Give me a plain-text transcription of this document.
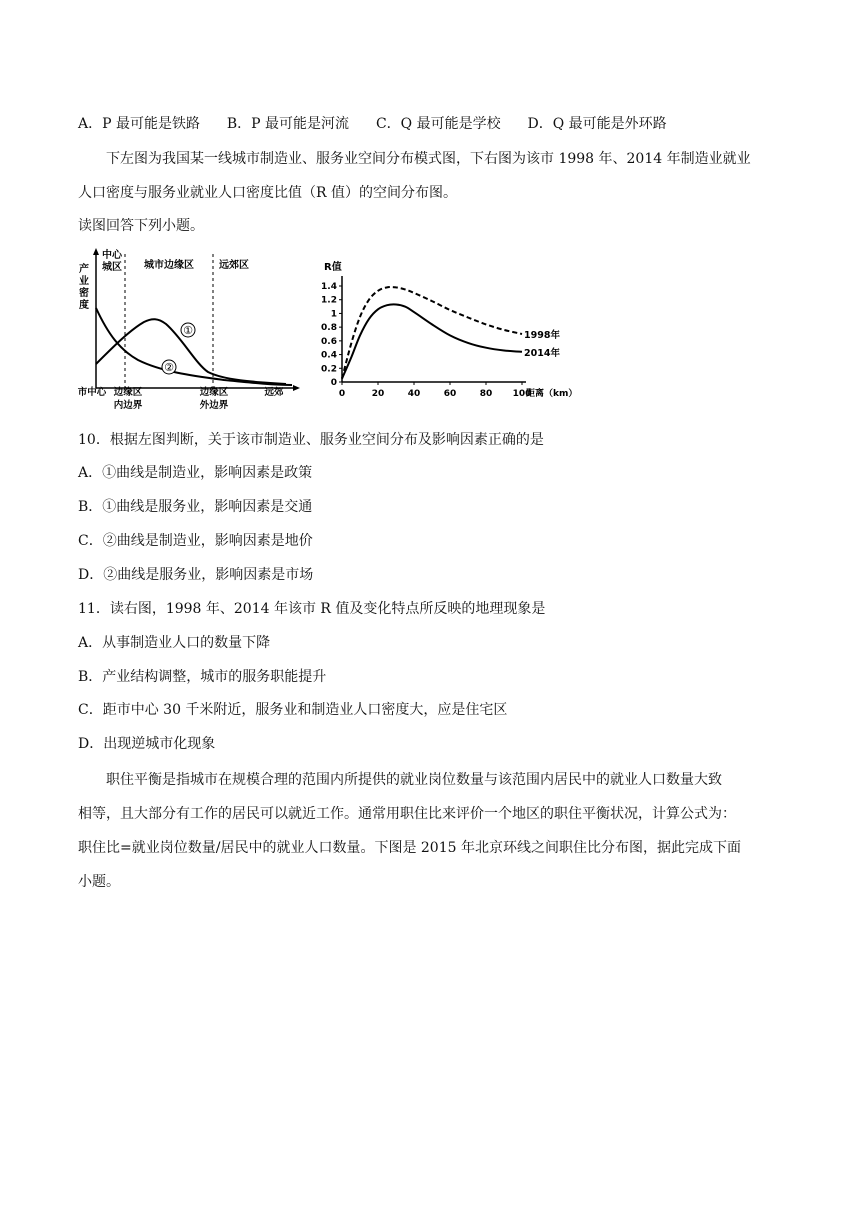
A．P 最可能是铁路 B．P 最可能是河流 C．Q 最可能是学校 D．Q 最可能是外环路
下左图为我国某一线城市制造业、服务业空间分布模式图，下右图为该市 1998 年、2014 年制造业就业
人口密度与服务业就业人口密度比值（R 值）的空间分布图。
读图回答下列小题。
产
业
密
度
中心
城区 城市边缘区	远郊区
①
②
市中心 边缘区
内边界
边缘区
外边界
远郊
0
0.2
0.4
0.6
0.8
1
1.2
1.4
0	20	40	60	80 100
R值
距离（km）
1998年
2014年
10．根据左图判断，关于该市制造业、服务业空间分布及影响因素正确的是
A．①曲线是制造业，影响因素是政策
B．①曲线是服务业，影响因素是交通
C．②曲线是制造业，影响因素是地价
D．②曲线是服务业，影响因素是市场
11．读右图，1998 年、2014 年该市 R 值及变化特点所反映的地理现象是
A．从事制造业人口的数量下降
B．产业结构调整，城市的服务职能提升
C．距市中心 30 千米附近，服务业和制造业人口密度大，应是住宅区
D．出现逆城市化现象
职住平衡是指城市在规模合理的范围内所提供的就业岗位数量与该范围内居民中的就业人口数量大致
相等，且大部分有工作的居民可以就近工作。通常用职住比来评价一个地区的职住平衡状况，计算公式为：
职住比=就业岗位数量/居民中的就业人口数量。下图是 2015 年北京环线之间职住比分布图，据此完成下面
小题。
